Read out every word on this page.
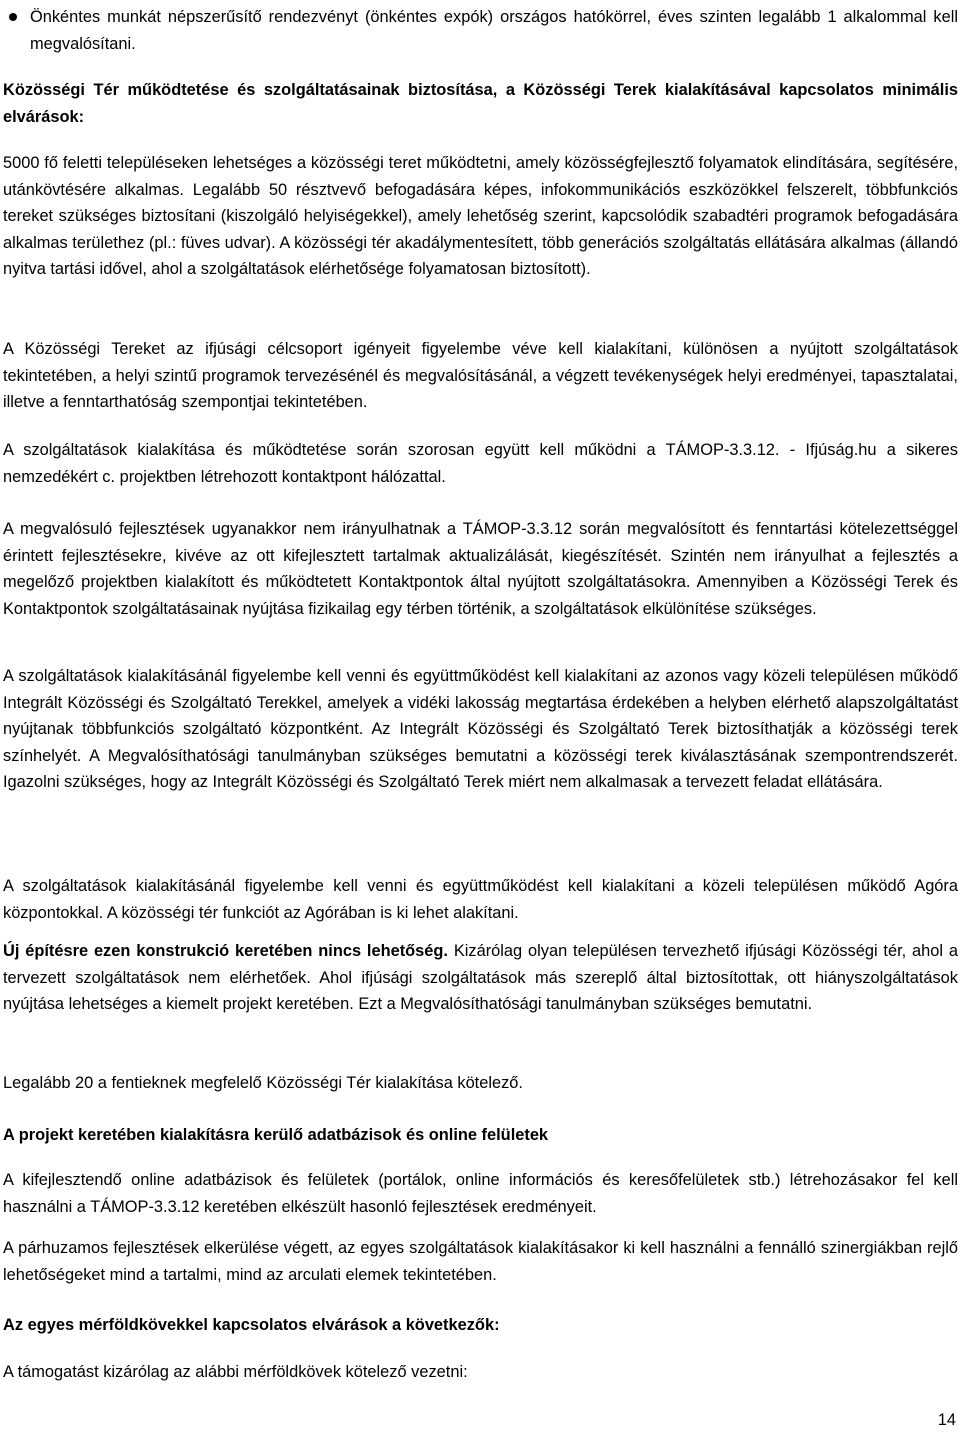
Önkéntes munkát népszerűsítő rendezvényt (önkéntes expók) országos hatókörrel, éves szinten legalább 1 alkalommal kell megvalósítani.

Közösségi Tér működtetése és szolgáltatásainak biztosítása, a Közösségi Terek kialakításával kapcsolatos minimális elvárások:

5000 fő feletti településeken lehetséges a közösségi teret működtetni, amely közösségfejlesztő folyamatok elindítására, segítésére, utánkövtésére alkalmas. Legalább 50 résztvevő befogadására képes, infokommunikációs eszközökkel felszerelt, többfunkciós tereket szükséges biztosítani (kiszolgáló helyiségekkel), amely lehetőség szerint, kapcsolódik szabadtéri programok befogadására alkalmas területhez (pl.: füves udvar). A közösségi tér akadálymentesített, több generációs szolgáltatás ellátására alkalmas (állandó nyitva tartási idővel, ahol a szolgáltatások elérhetősége folyamatosan biztosított).

A Közösségi Tereket az ifjúsági célcsoport igényeit figyelembe véve kell kialakítani, különösen a nyújtott szolgáltatások tekintetében, a helyi szintű programok tervezésénél és megvalósításánál, a végzett tevékenységek helyi eredményei, tapasztalatai, illetve a fenntarthatóság szempontjai tekintetében.

A szolgáltatások kialakítása és működtetése során szorosan együtt kell működni a TÁMOP-3.3.12. - Ifjúság.hu a sikeres nemzedékért c. projektben létrehozott kontaktpont hálózattal.

A megvalósuló fejlesztések ugyanakkor nem irányulhatnak a TÁMOP-3.3.12 során megvalósított és fenntartási kötelezettséggel érintett fejlesztésekre, kivéve az ott kifejlesztett tartalmak aktualizálását, kiegészítését. Szintén nem irányulhat a fejlesztés a megelőző projektben kialakított és működtetett Kontaktpontok által nyújtott szolgáltatásokra. Amennyiben a Közösségi Terek és Kontaktpontok szolgáltatásainak nyújtása fizikailag egy térben történik, a szolgáltatások elkülönítése szükséges.

A szolgáltatások kialakításánál figyelembe kell venni és együttműködést kell kialakítani az azonos vagy közeli településen működő Integrált Közösségi és Szolgáltató Terekkel, amelyek a vidéki lakosság megtartása érdekében a helyben elérhető alapszolgáltatást nyújtanak többfunkciós szolgáltató központként. Az Integrált Közösségi és Szolgáltató Terek biztosíthatják a közösségi terek színhelyét. A Megvalósíthatósági tanulmányban szükséges bemutatni a közösségi terek kiválasztásának szempontrendszerét. Igazolni szükséges, hogy az Integrált Közösségi és Szolgáltató Terek miért nem alkalmasak a tervezett feladat ellátására.

A szolgáltatások kialakításánál figyelembe kell venni és együttműködést kell kialakítani a közeli településen működő Agóra központokkal. A közösségi tér funkciót az Agórában is ki lehet alakítani.

Új építésre ezen konstrukció keretében nincs lehetőség. Kizárólag olyan településen tervezhető ifjúsági Közösségi tér, ahol a tervezett szolgáltatások nem elérhetőek. Ahol ifjúsági szolgáltatások más szereplő által biztosítottak, ott hiányszolgáltatások nyújtása lehetséges a kiemelt projekt keretében. Ezt a Megvalósíthatósági tanulmányban szükséges bemutatni.

Legalább 20 a fentieknek megfelelő Közösségi Tér kialakítása kötelező.

A projekt keretében kialakításra kerülő adatbázisok és online felületek

A kifejlesztendő online adatbázisok és felületek (portálok, online információs és keresőfelületek stb.) létrehozásakor fel kell használni a TÁMOP-3.3.12 keretében elkészült hasonló fejlesztések eredményeit.

A párhuzamos fejlesztések elkerülése végett, az egyes szolgáltatások kialakításakor ki kell használni a fennálló szinergiákban rejlő lehetőségeket mind a tartalmi, mind az arculati elemek tekintetében.

Az egyes mérföldkövekkel kapcsolatos elvárások a következők:

A támogatást kizárólag az alábbi mérföldkövek kötelező vezetni:

14
